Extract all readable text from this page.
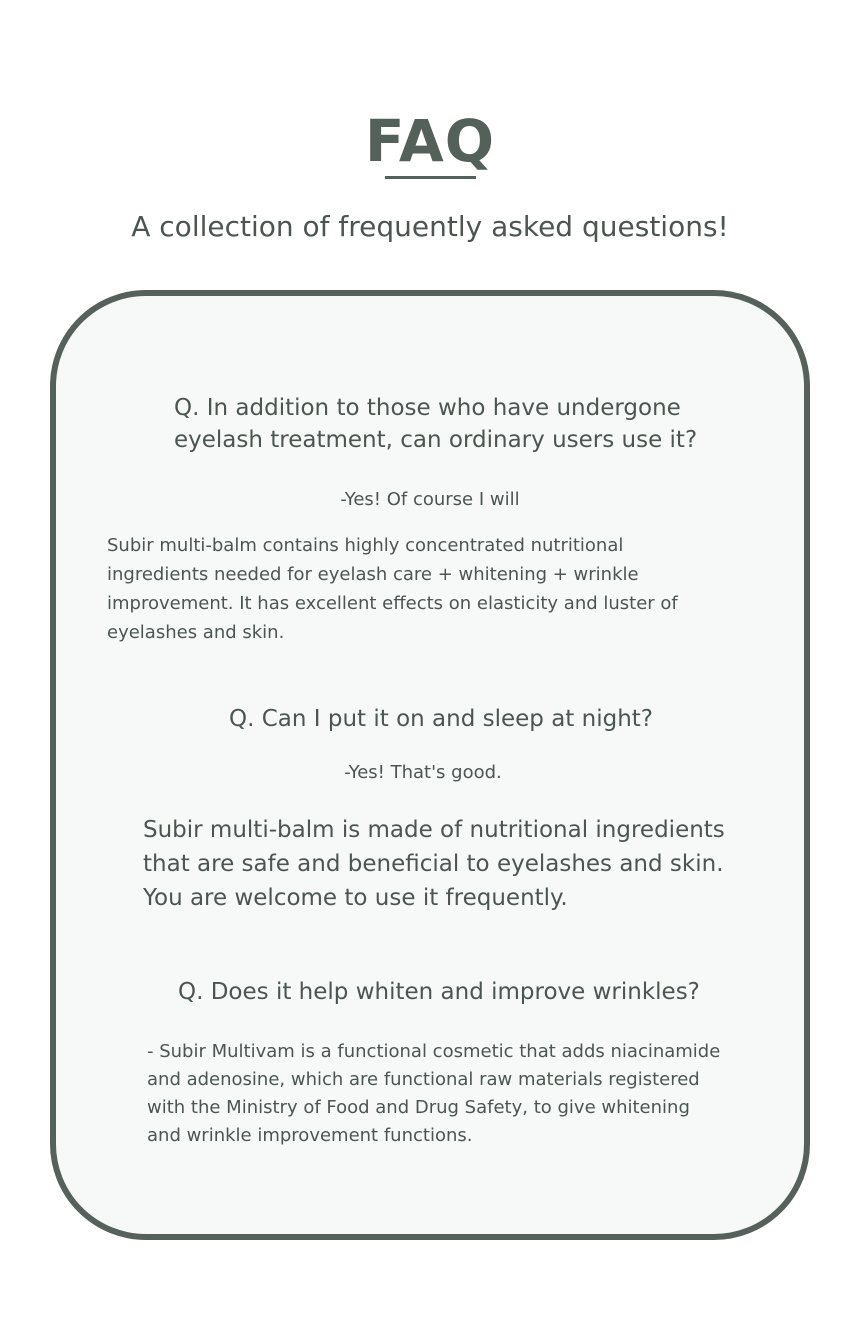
FAQ
A collection of frequently asked questions!
Q. In addition to those who have undergone
eyelash treatment, can ordinary users use it?
-Yes! Of course I will
Subir multi-balm contains highly concentrated nutritional
ingredients needed for eyelash care + whitening + wrinkle
improvement. It has excellent effects on elasticity and luster of
eyelashes and skin.
Q. Can I put it on and sleep at night?
-Yes! That's good.
Subir multi-balm is made of nutritional ingredients
that are safe and beneficial to eyelashes and skin.
You are welcome to use it frequently.
Q. Does it help whiten and improve wrinkles?
- Subir Multivam is a functional cosmetic that adds niacinamide
and adenosine, which are functional raw materials registered
with the Ministry of Food and Drug Safety, to give whitening
and wrinkle improvement functions.
